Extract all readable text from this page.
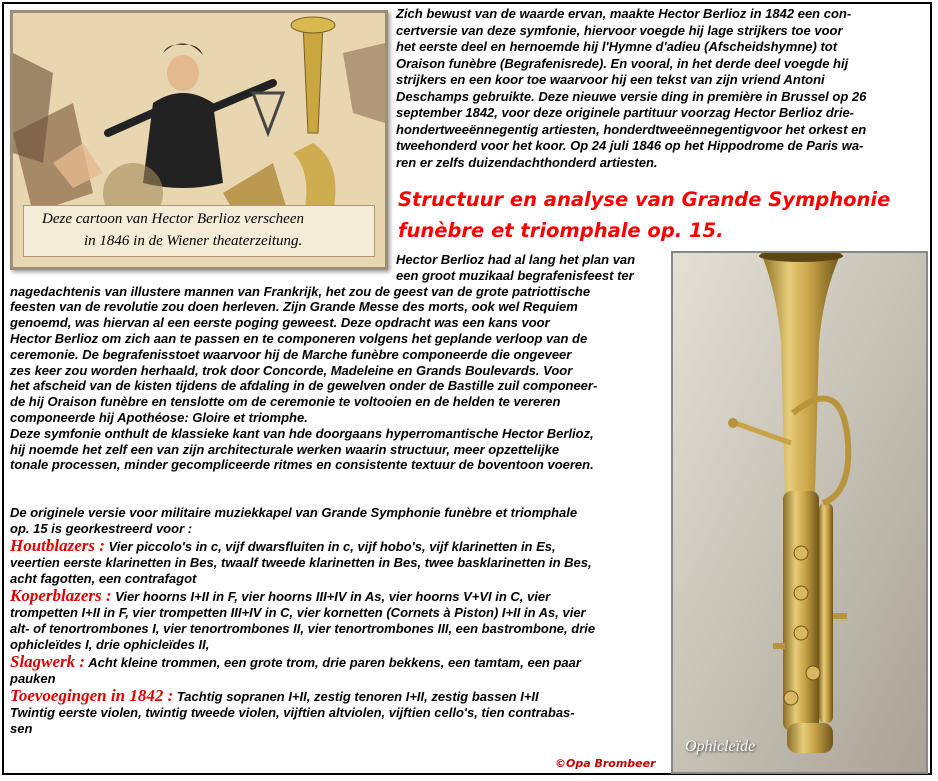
Deze cartoon van Hector Berlioz verscheen
in 1846 in de Wiener theaterzeitung.
Zich bewust van de waarde ervan, maakte Hector Berlioz in 1842 een con-
certversie van deze symfonie, hiervoor voegde hij lage strijkers toe voor
het eerste deel en hernoemde hij l'Hymne d'adieu (Afscheidshymne) tot
Oraison funèbre (Begrafenisrede). En vooral, in het derde deel voegde hij
strijkers en een koor toe waarvoor hij een tekst van zijn vriend Antoni
Deschamps gebruikte. Deze nieuwe versie ding in première in Brussel op 26
september 1842, voor deze originele partituur voorzag Hector Berlioz drie-
hondertweeënnegentig artiesten, honderdtweeënnegentigvoor het orkest en
tweehonderd voor het koor. Op 24 juli 1846 op het Hippodrome de Paris wa-
ren er zelfs duizendachthonderd artiesten.
Structuur en analyse van Grande Symphonie
funèbre et triomphale op. 15.
Hector Berlioz had al lang het plan van
een groot muzikaal begrafenisfeest ter
nagedachtenis van illustere mannen van Frankrijk, het zou de geest van de grote patriottische
feesten van de revolutie zou doen herleven. Zijn Grande Messe des morts, ook wel Requiem
genoemd, was hiervan al een eerste poging geweest. Deze opdracht was een kans voor
Hector Berlioz om zich aan te passen en te componeren volgens het geplande verloop van de
ceremonie. De begrafenisstoet waarvoor hij de Marche funèbre componeerde die ongeveer
zes keer zou worden herhaald, trok door Concorde, Madeleine en Grands Boulevards. Voor
het afscheid van de kisten tijdens de afdaling in de gewelven onder de Bastille zuil componeer-
de hij Oraison funèbre en tenslotte om de ceremonie te voltooien en de helden te vereren
componeerde hij Apothéose: Gloire et triomphe.
Deze symfonie onthult de klassieke kant van hde doorgaans hyperromantische Hector Berlioz,
hij noemde het zelf een van zijn architecturale werken waarin structuur, meer opzettelijke
tonale processen, minder gecompliceerde ritmes en consistente textuur de boventoon voeren.
De originele versie voor militaire muziekkapel van Grande Symphonie funèbre et triomphale
op. 15 is georkestreerd voor :
Houtblazers : Vier piccolo's in c, vijf dwarsfluiten in c, vijf hobo's, vijf klarinetten in Es,
veertien eerste klarinetten in Bes, twaalf tweede klarinetten in Bes, twee basklarinetten in Bes,
acht fagotten, een contrafagot
Koperblazers : Vier hoorns I+II in F, vier hoorns III+IV in As, vier hoorns V+VI in C, vier
trompetten I+II in F, vier trompetten III+IV in C, vier kornetten (Cornets à Piston) I+II in As, vier
alt- of tenortrombones I, vier tenortrombones II, vier tenortrombones III, een bastrombone, drie
ophicleïdes I, drie ophicleïdes II,
Slagwerk : Acht kleine trommen, een grote trom, drie paren bekkens, een tamtam, een paar
pauken
Toevoegingen in 1842 : Tachtig sopranen I+II, zestig tenoren I+II, zestig bassen I+II
Twintig eerste violen, twintig tweede violen, vijftien altviolen, vijftien cello's, tien contrabas-
sen
©Opa Brombeer
Ophicleïde
